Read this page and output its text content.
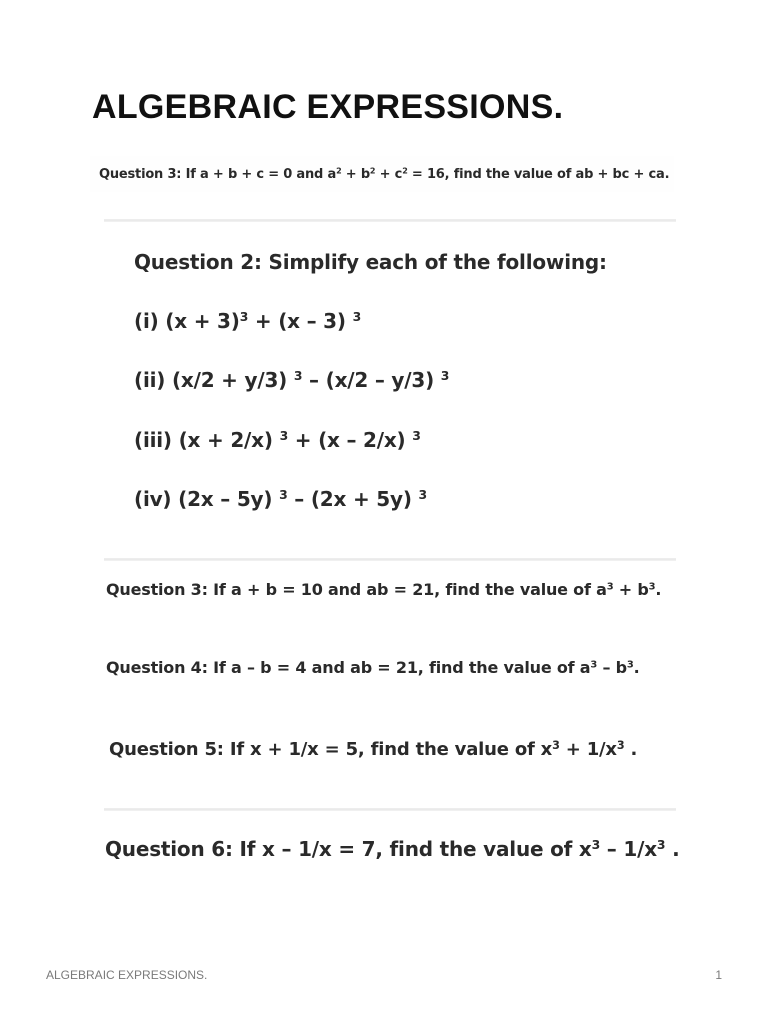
ALGEBRAIC EXPRESSIONS.

Question 3: If a + b + c = 0 and $a^2 + b^2 + c^2 = 16$, find the value of ab + bc + ca.

Question 2: Simplify each of the following:

(i) $(x + 3)^3 + (x - 3)$ $^3$

(ii) (x/2 + y/3) $^3$ – (x/2 – y/3) $^3$

(iii) (x + 2/x) $^3$ + (x – 2/x) $^3$

(iv) (2x – 5y) $^3$ – (2x + 5y) $^3$

Question 3: If a + b = 10 and ab = 21, find the value of $a^3 + b^3$.

Question 4: If a – b = 4 and ab = 21, find the value of $a^3 - b^3$.

Question 5: If x + 1/x = 5, find the value of $x^3 + 1/x^3$ .

Question 6: If x – 1/x = 7, find the value of $x^3 - 1/x^3$ .

ALGEBRAIC EXPRESSIONS.	1
